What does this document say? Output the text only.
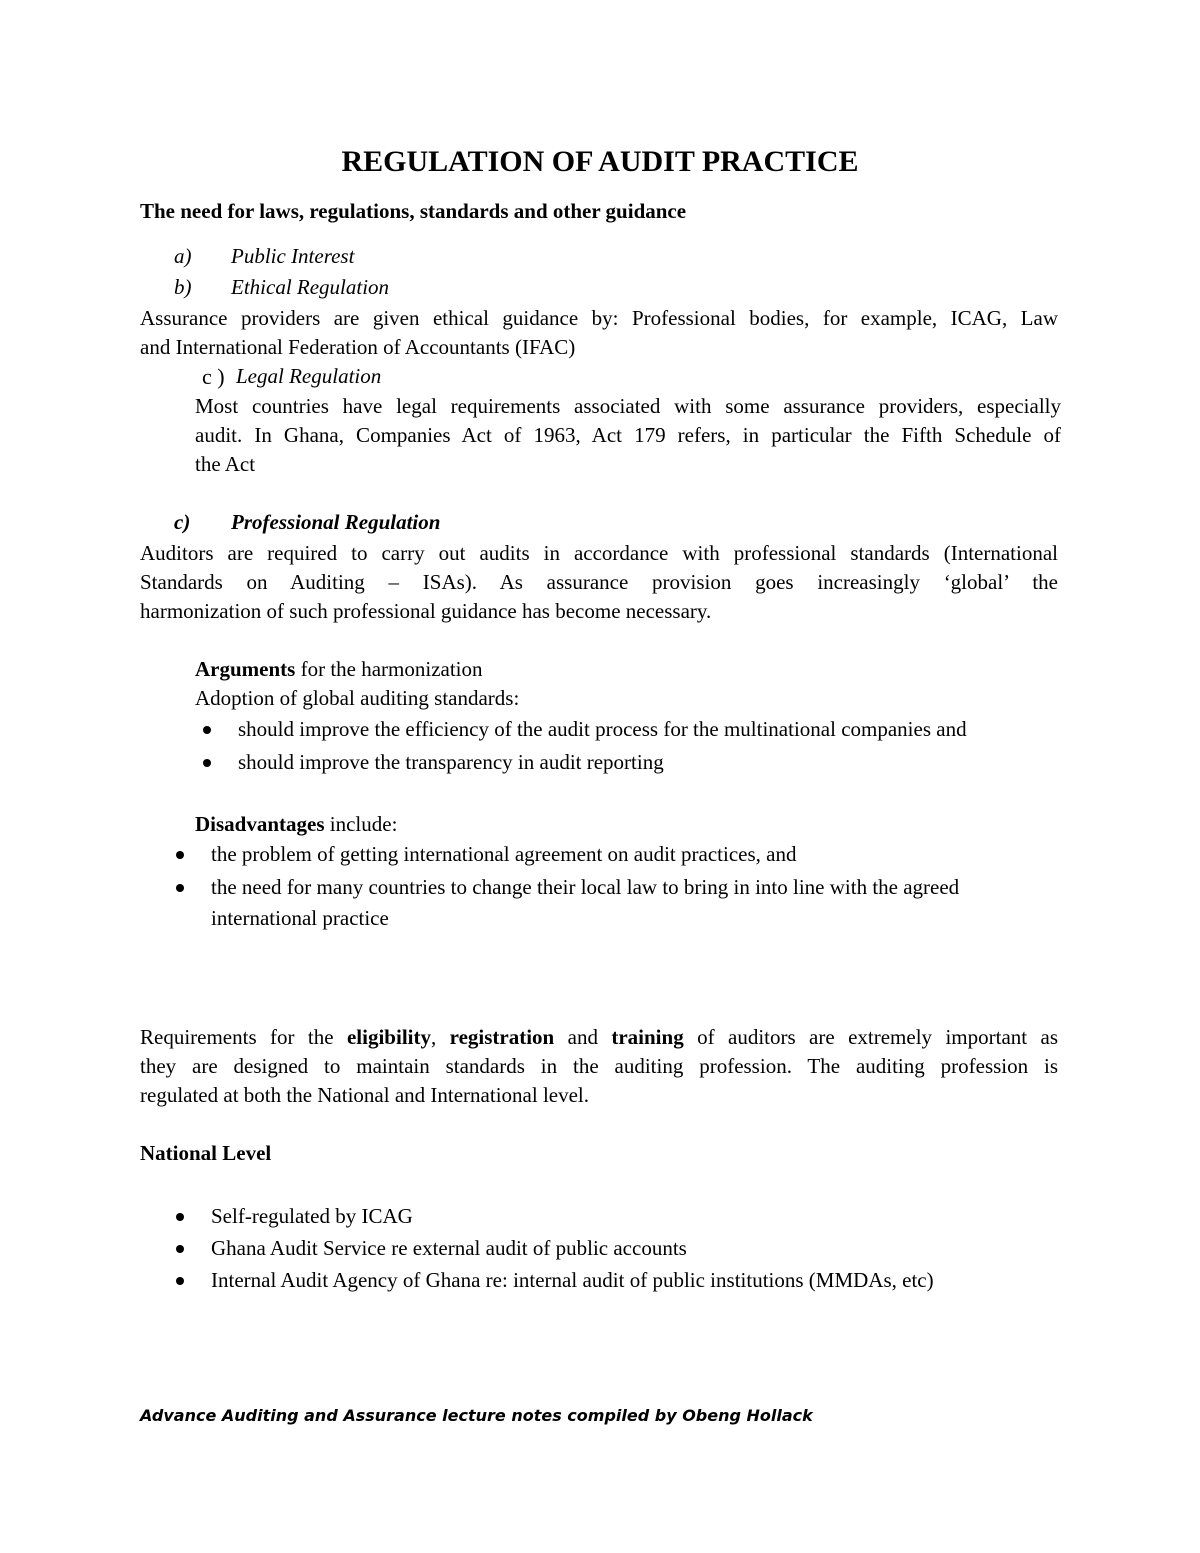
REGULATION OF AUDIT PRACTICE
The need for laws, regulations, standards and other guidance
a) Public Interest
b) Ethical Regulation
Assurance providers are given ethical guidance by: Professional bodies, for example, ICAG, Law
and International Federation of Accountants (IFAC)
c ) Legal Regulation
Most countries have legal requirements associated with some assurance providers, especially
audit. In Ghana, Companies Act of 1963, Act 179 refers, in particular the Fifth Schedule of
the Act
c) Professional Regulation
Auditors are required to carry out audits in accordance with professional standards (International
Standards on Auditing – ISAs). As assurance provision goes increasingly ‘global’ the
harmonization of such professional guidance has become necessary.
Arguments for the harmonization
Adoption of global auditing standards:
should improve the efficiency of the audit process for the multinational companies and
should improve the transparency in audit reporting
Disadvantages include:
the problem of getting international agreement on audit practices, and
the need for many countries to change their local law to bring in into line with the agreed
international practice
Requirements for the eligibility, registration and training of auditors are extremely important as
they are designed to maintain standards in the auditing profession. The auditing profession is
regulated at both the National and International level.
National Level
Self-regulated by ICAG
Ghana Audit Service re external audit of public accounts
Internal Audit Agency of Ghana re: internal audit of public institutions (MMDAs, etc)
Advance Auditing and Assurance lecture notes compiled by Obeng Hollack
